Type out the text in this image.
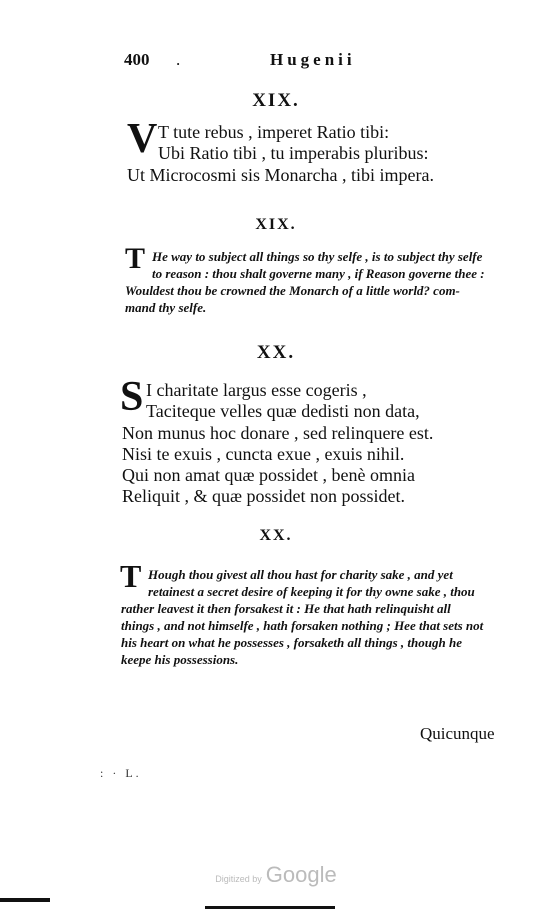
400 .	Hugenii
XIX.
V T tute rebus , imperet Ratio tibi:
Ubi Ratio tibi , tu imperabis pluribus:
Ut Microcosmi sis Monarcha , tibi impera.
XIX.
T He way to subject all things so thy selfe , is to subject thy selfe
to reason : thou shalt governe many , if Reason governe thee :
Wouldest thou be crowned the Monarch of a little world? com-
mand thy selfe.
XX.
S I charitate largus esse cogeris ,
Taciteque velles quæ dedisti non data,
Non munus hoc donare , sed relinquere est.
Nisi te exuis , cuncta exue , exuis nihil.
Qui non amat quæ possidet , benè omnia
Reliquit , & quæ possidet non possidet.
XX.
T Hough thou givest all thou hast for charity sake , and yet
retainest a secret desire of keeping it for thy owne sake , thou
rather leavest it then forsakest it : He that hath relinquisht all
things , and not himselfe , hath forsaken nothing ; Hee that sets not
his heart on what he possesses , forsaketh all things , though he
keepe his possessions.
Quicunque
: · L.
Digitized by Google
